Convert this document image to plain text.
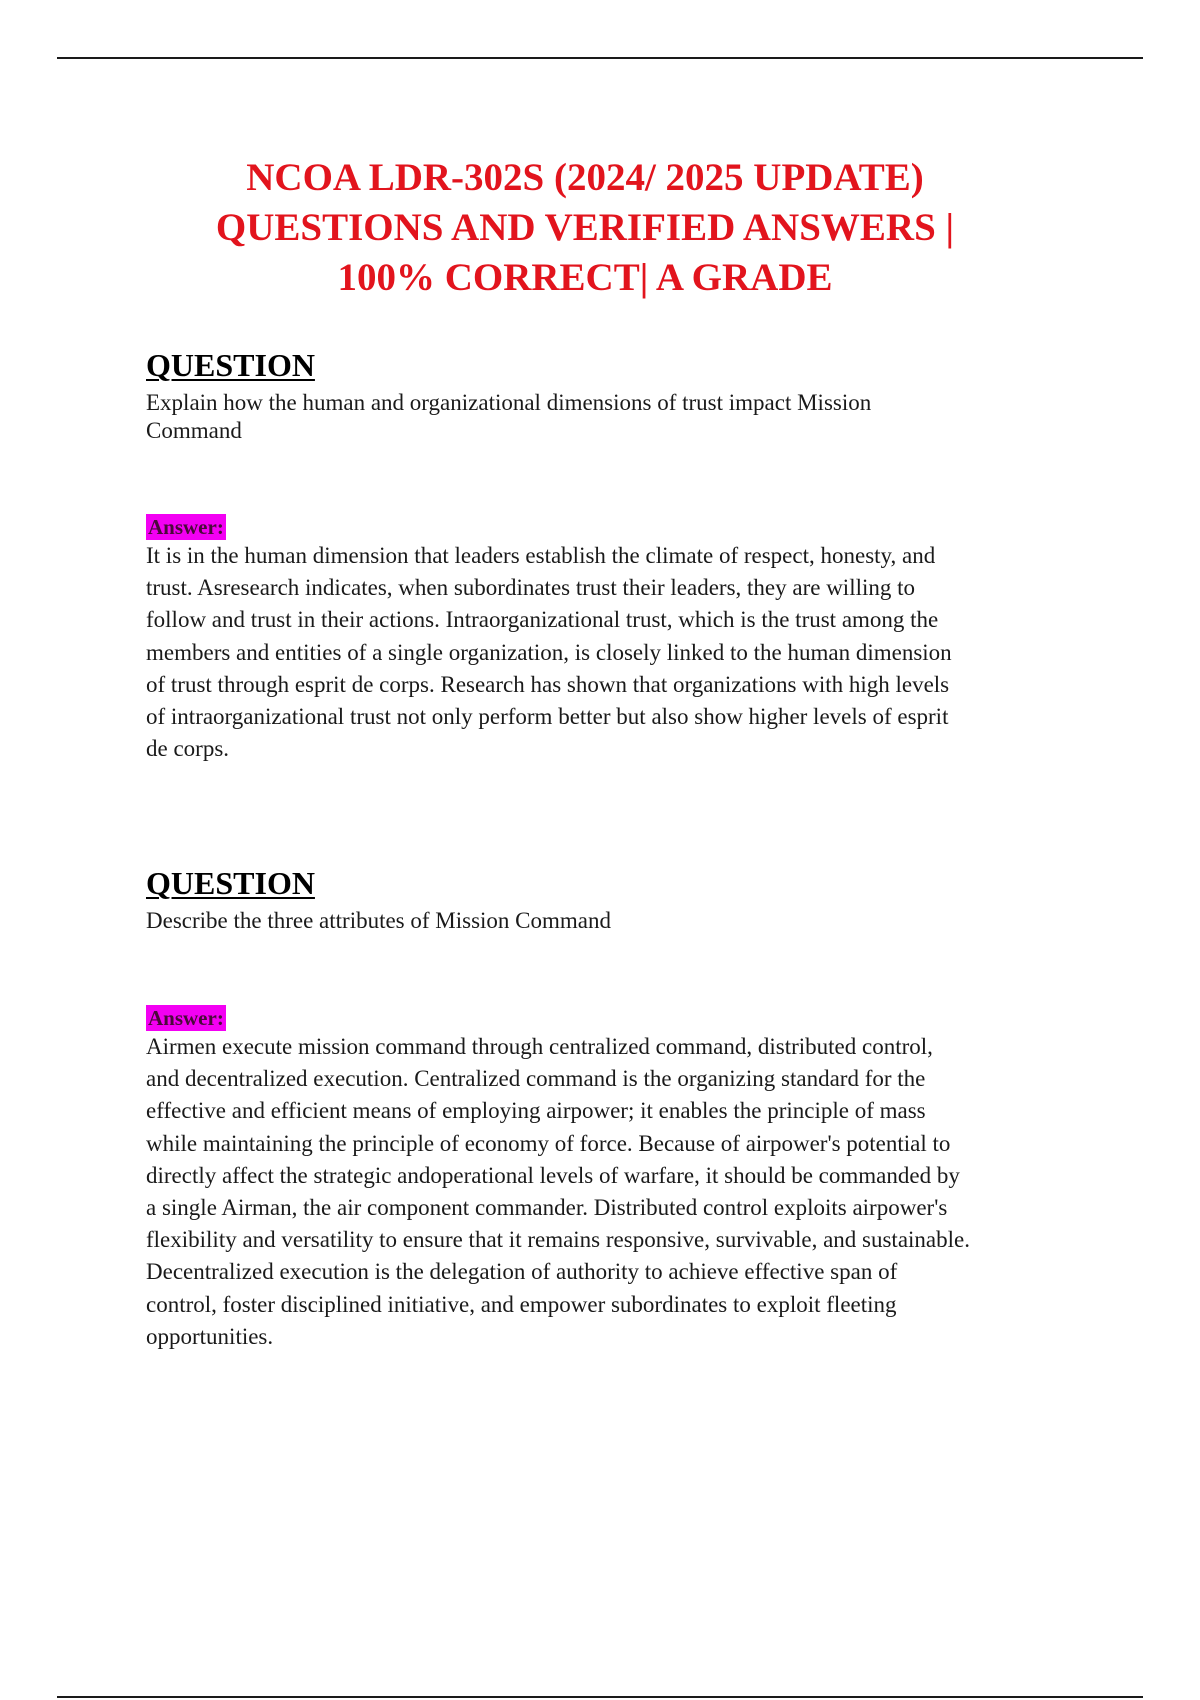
NCOA LDR-302S (2024/ 2025 UPDATE)
QUESTIONS AND VERIFIED ANSWERS |
100% CORRECT| A GRADE
QUESTION

Explain how the human and organizational dimensions of trust impact Mission
Command

Answer:

It is in the human dimension that leaders establish the climate of respect, honesty, and
trust. Asresearch indicates, when subordinates trust their leaders, they are willing to
follow and trust in their actions. Intraorganizational trust, which is the trust among the
members and entities of a single organization, is closely linked to the human dimension
of trust through esprit de corps. Research has shown that organizations with high levels
of intraorganizational trust not only perform better but also show higher levels of esprit
de corps.

QUESTION

Describe the three attributes of Mission Command

Answer:

Airmen execute mission command through centralized command, distributed control,
and decentralized execution. Centralized command is the organizing standard for the
effective and efficient means of employing airpower; it enables the principle of mass
while maintaining the principle of economy of force. Because of airpower's potential to
directly affect the strategic andoperational levels of warfare, it should be commanded by
a single Airman, the air component commander. Distributed control exploits airpower's
flexibility and versatility to ensure that it remains responsive, survivable, and sustainable.
Decentralized execution is the delegation of authority to achieve effective span of
control, foster disciplined initiative, and empower subordinates to exploit fleeting
opportunities.
